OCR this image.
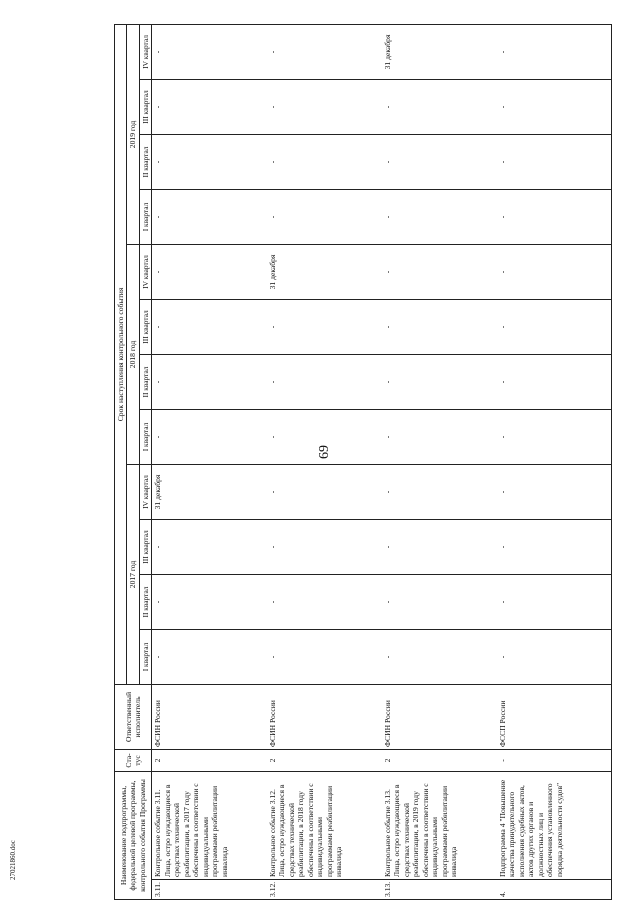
69
27021860.doc	Наименование подпрограммы, федеральной целевой программы, контрольного события Программы		Ста-тус	Ответственный исполнитель	Срок наступления контрольного события											
				2017 год				2018 год				2019 год			
				I квартал	II квартал	III квартал	IV квартал	I квартал	II квартал	III квартал	IV квартал	I квартал	II квартал	III квартал	IV квартал
3.11.	Контрольное событие 3.11. Лица, остро нуждающиеся в средствах технической реабилитации, в 2017 году обеспечены в соответствии с индивидуальными программами реабилитации инвалида	2	ФСИН России	-	-	-	31 декабря	-	-	-	-	-	-	-	-
3.12.	Контрольное событие 3.12. Лица, остро нуждающиеся в средствах технической реабилитации, в 2018 году обеспечены в соответствии с индивидуальными программами реабилитации инвалида	2	ФСИН России	-	-	-	-	-	-	-	31 декабря	-	-	-	-
3.13.	Контрольное событие 3.13. Лица, остро нуждающиеся в средствах технической реабилитации, в 2019 году обеспечены в соответствии с индивидуальными программами реабилитации инвалида	2	ФСИН России	-	-	-	-	-	-	-	-	-	-	-	31 декабря
4.	Подпрограмма 4 "Повышение качества принудительного исполнения судебных актов, актов других органов и должностных лиц и обеспечения установленного порядка деятельности судов"	-	ФССП России	-	-	-	-	-	-	-	-	-	-	-	-
